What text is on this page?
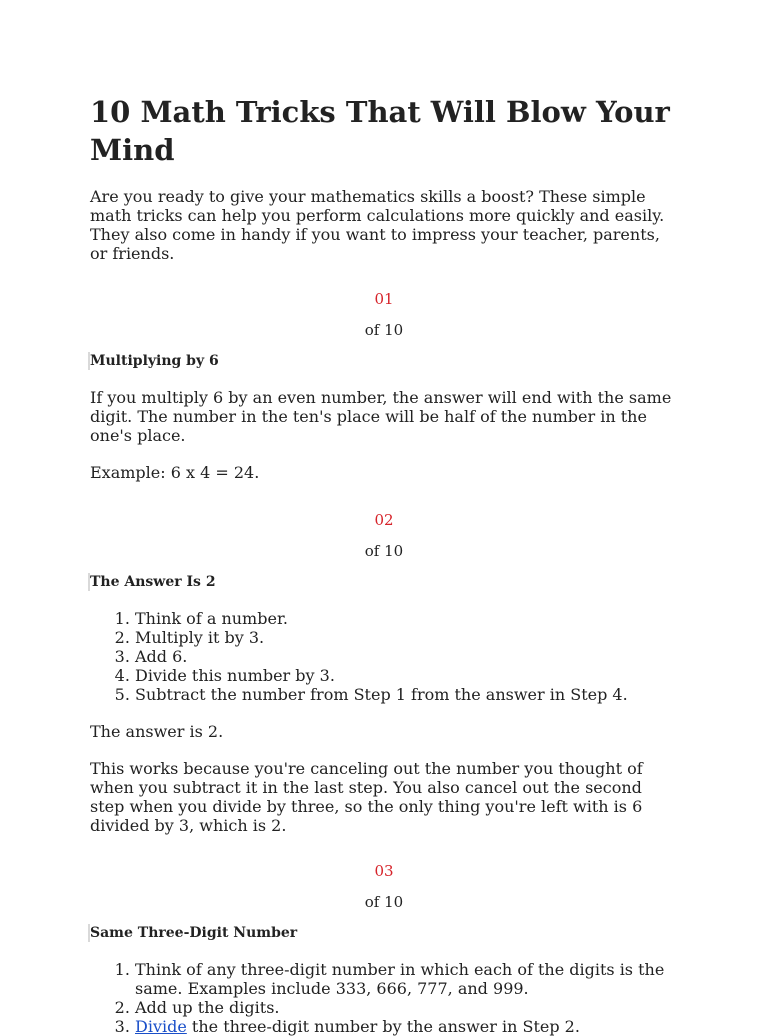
10 Math Tricks That Will Blow Your Mind

Are you ready to give your mathematics skills a boost? These simple math tricks can help you perform calculations more quickly and easily. They also come in handy if you want to impress your teacher, parents, or friends.

01
of 10
Multiplying by 6

If you multiply 6 by an even number, the answer will end with the same digit. The number in the ten's place will be half of the number in the one's place.

Example: 6 x 4 = 24.

02
of 10
The Answer Is 2
1. Think of a number.
2. Multiply it by 3.
3. Add 6.
4. Divide this number by 3.
5. Subtract the number from Step 1 from the answer in Step 4.

The answer is 2.

This works because you're canceling out the number you thought of when you subtract it in the last step. You also cancel out the second step when you divide by three, so the only thing you're left with is 6 divided by 3, which is 2.

03
of 10
Same Three-Digit Number
1. Think of any three-digit number in which each of the digits is the same. Examples include 333, 666, 777, and 999.
2. Add up the digits.
3. Divide the three-digit number by the answer in Step 2.
